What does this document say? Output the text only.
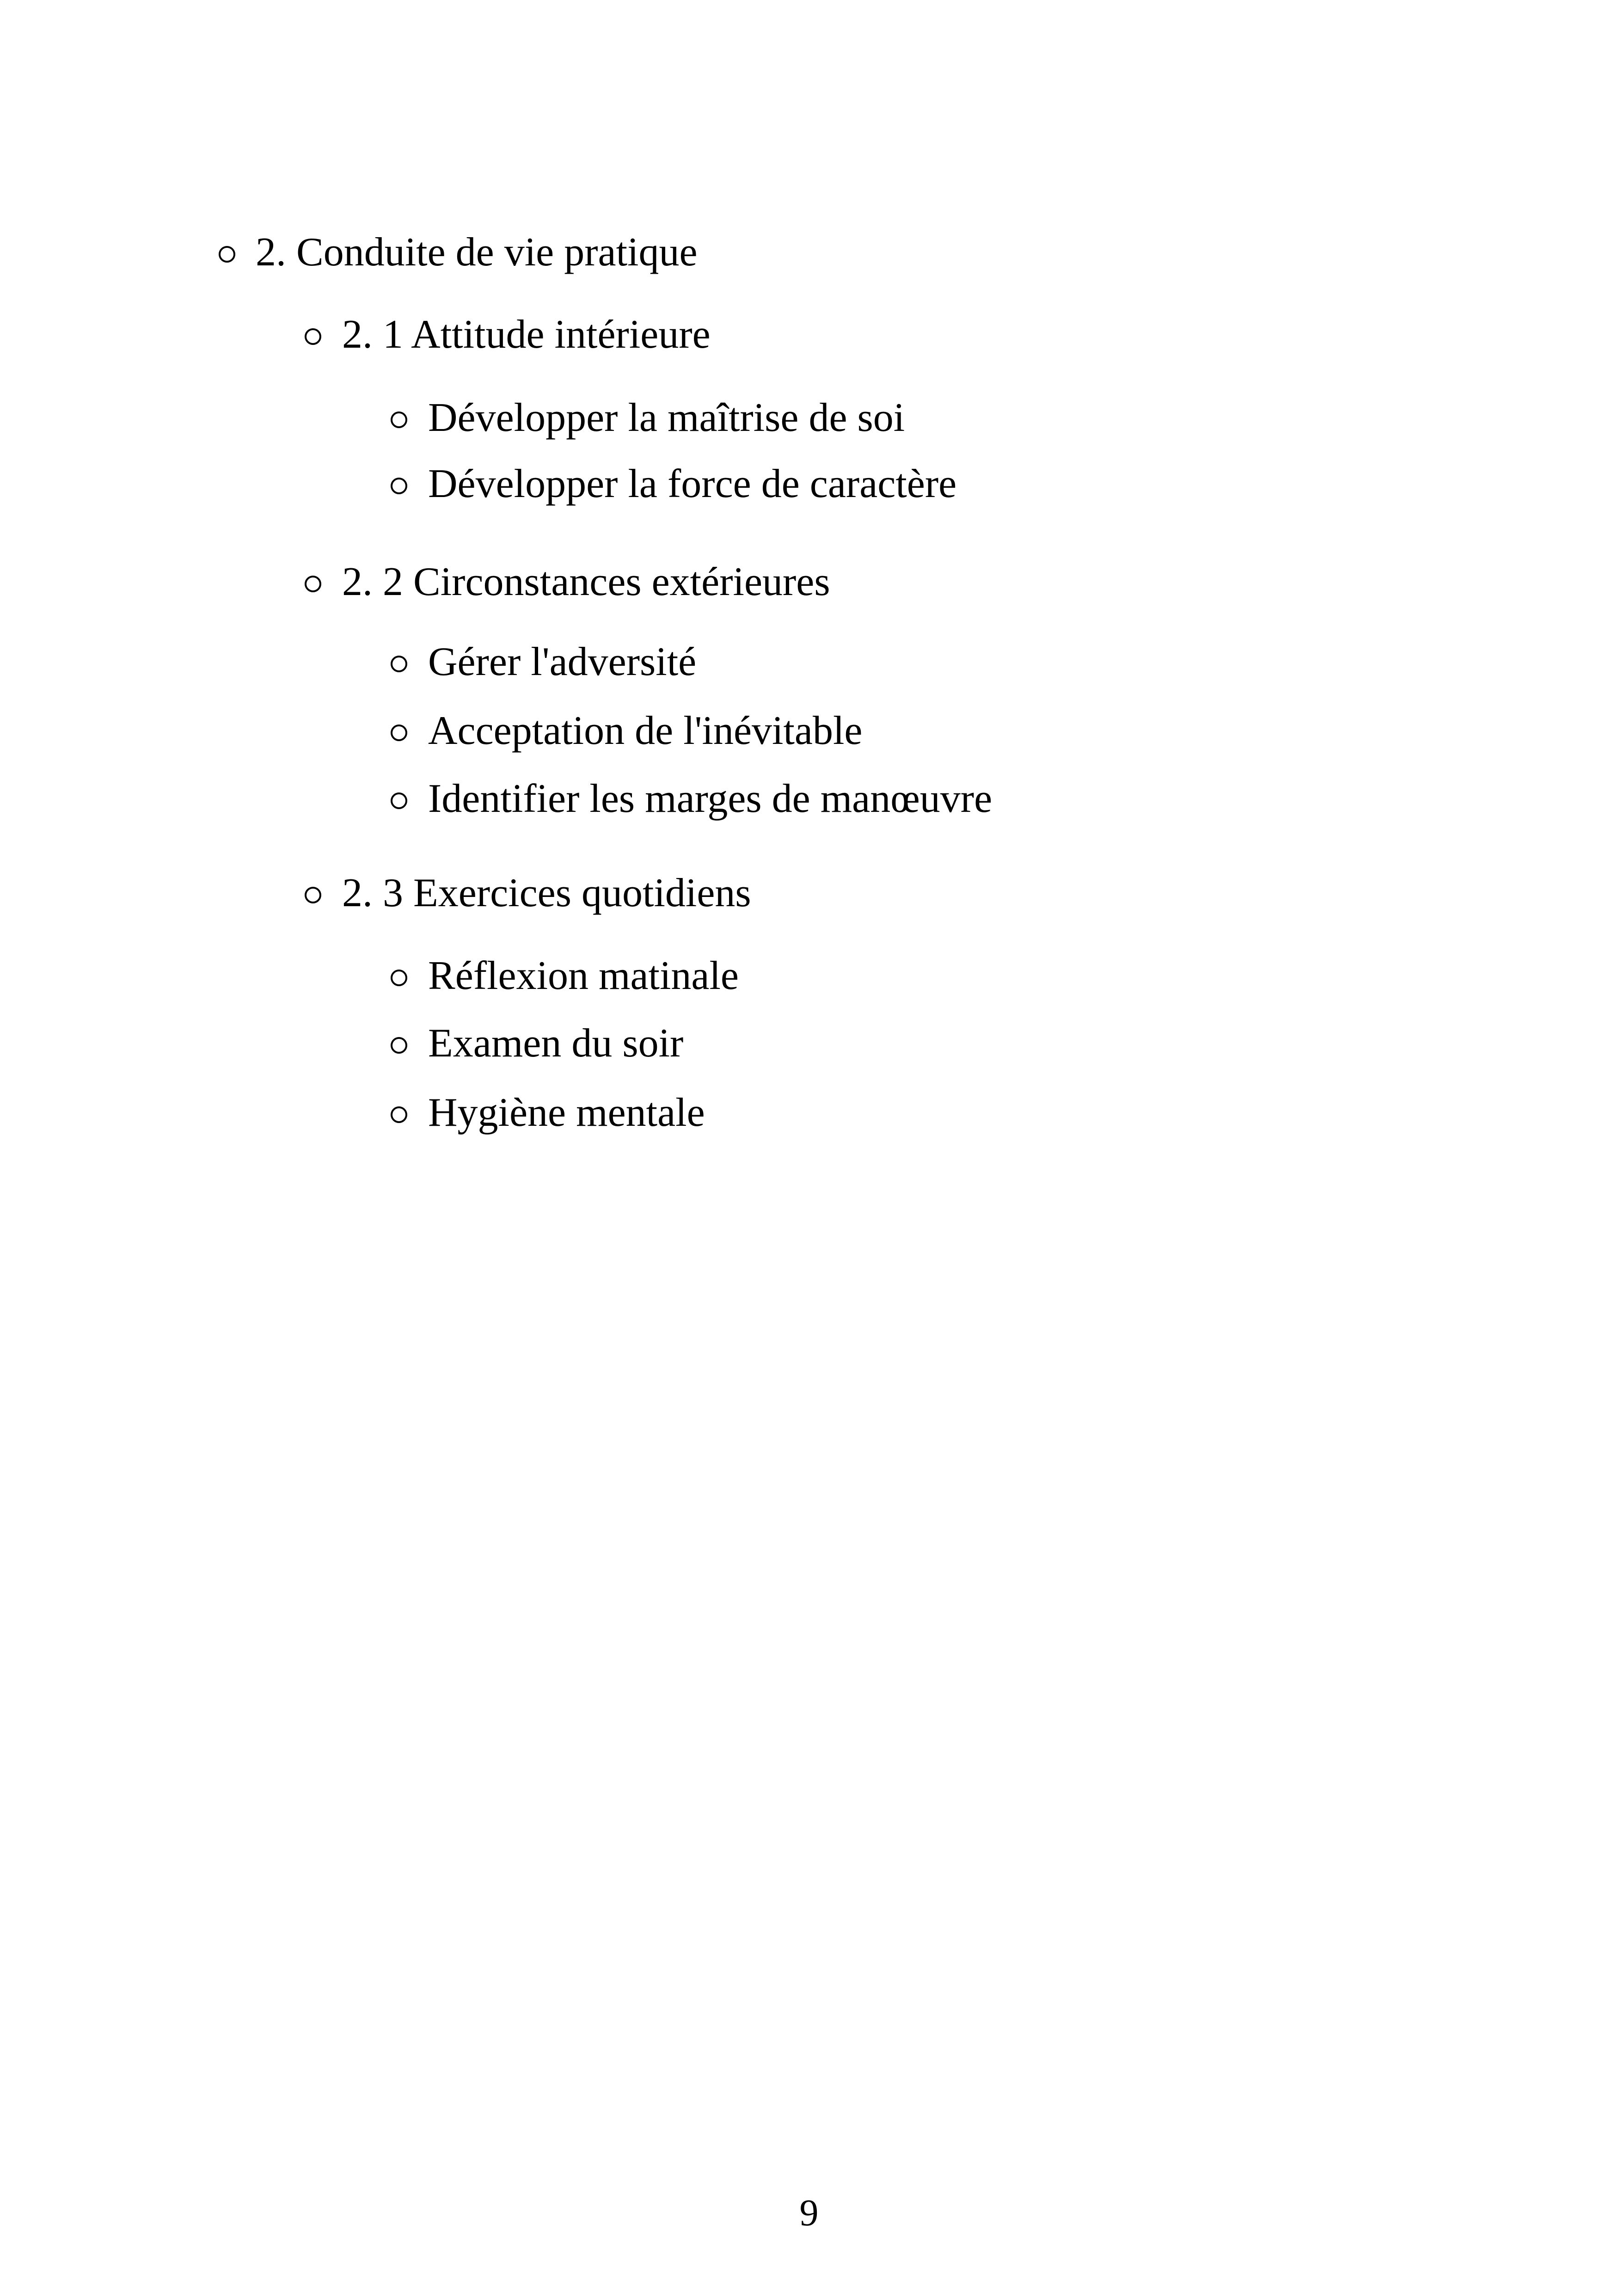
2. Conduite de vie pratique
2. 1 Attitude intérieure
Développer la maîtrise de soi
Développer la force de caractère
2. 2 Circonstances extérieures
Gérer l'adversité
Acceptation de l'inévitable
Identifier les marges de manœuvre
2. 3 Exercices quotidiens
Réflexion matinale
Examen du soir
Hygiène mentale
9
